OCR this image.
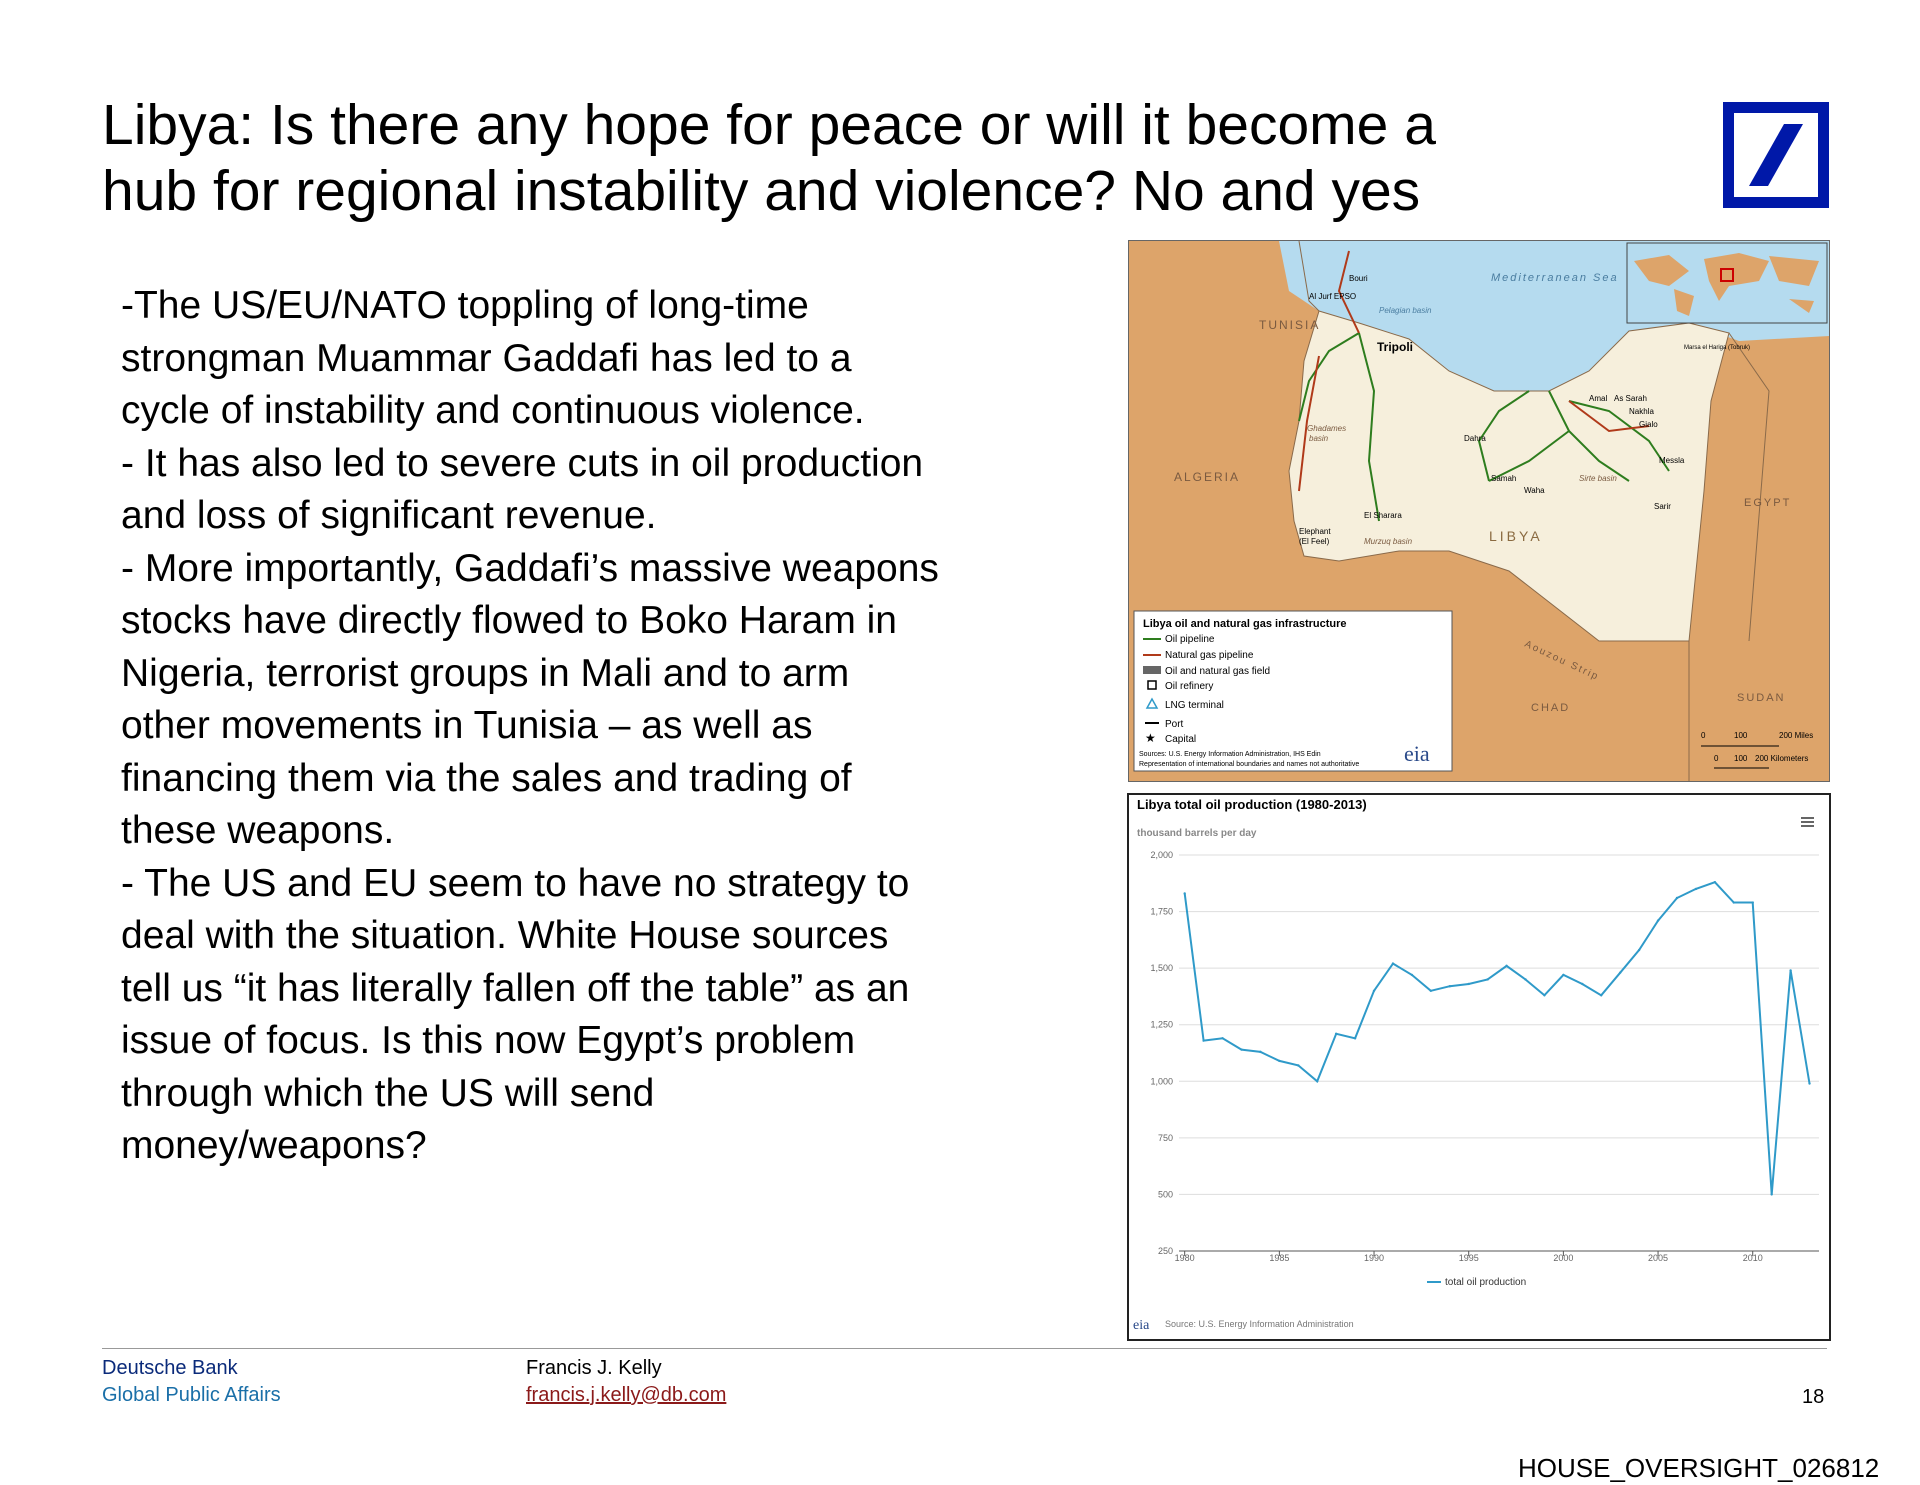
Libya: Is there any hope for peace or will it become a
hub for regional instability and violence? No and yes

-The US/EU/NATO toppling of long-time

strongman Muammar Gaddafi has led to a

cycle of instability and continuous violence.

- It has also led to severe cuts in oil production

and loss of significant revenue.

- More importantly, Gaddafi’s massive weapons

stocks have directly flowed to Boko Haram in

Nigeria, terrorist groups in Mali and to arm

other movements in Tunisia – as well as

financing them via the sales and trading of

these weapons.

- The US and EU seem to have no strategy to

deal with the situation. White House sources

tell us “it has literally fallen off the table” as an

issue of focus. Is this now Egypt’s problem

through which the US will send

money/weapons?

Mediterranean Sea
TUNISIA
ALGERIA
LIBYA
EGYPT
CHAD
SUDAN
Tripoli
Bouri
Al Jurf EPSO
Pelagian basin
Ghadames
basin
El Sharara
Elephant
(El Feel)	Murzuq basin
Dahra
Samah
Waha
Sirte basin
Amal As Sarah
Nakhla
Gialo
Messla
Sarir
Marsa el Hariga (Tobruk)
Aouzou Strip
Libya oil and natural gas infrastructure
Oil pipeline
Natural gas pipeline
Oil and natural gas field
Oil refinery
LNG terminal
Port
★ Capital
Sources: U.S. Energy Information Administration, IHS Edin
Representation of international boundaries and names not authoritative eia
0	100	200 Miles
0 100 200 Kilometers
Libya total oil production (1980-2013)
thousand barrels per day
250
500
750
1,000
1,250
1,500
1,750
2,000
1980	1985	1990	1995	2000	2005	2010
total oil production
eia Source: U.S. Energy Information Administration
Deutsche Bank
Global Public Affairs
Francis J. Kelly
francis.j.kelly@db.com	18
HOUSE_OVERSIGHT_026812
